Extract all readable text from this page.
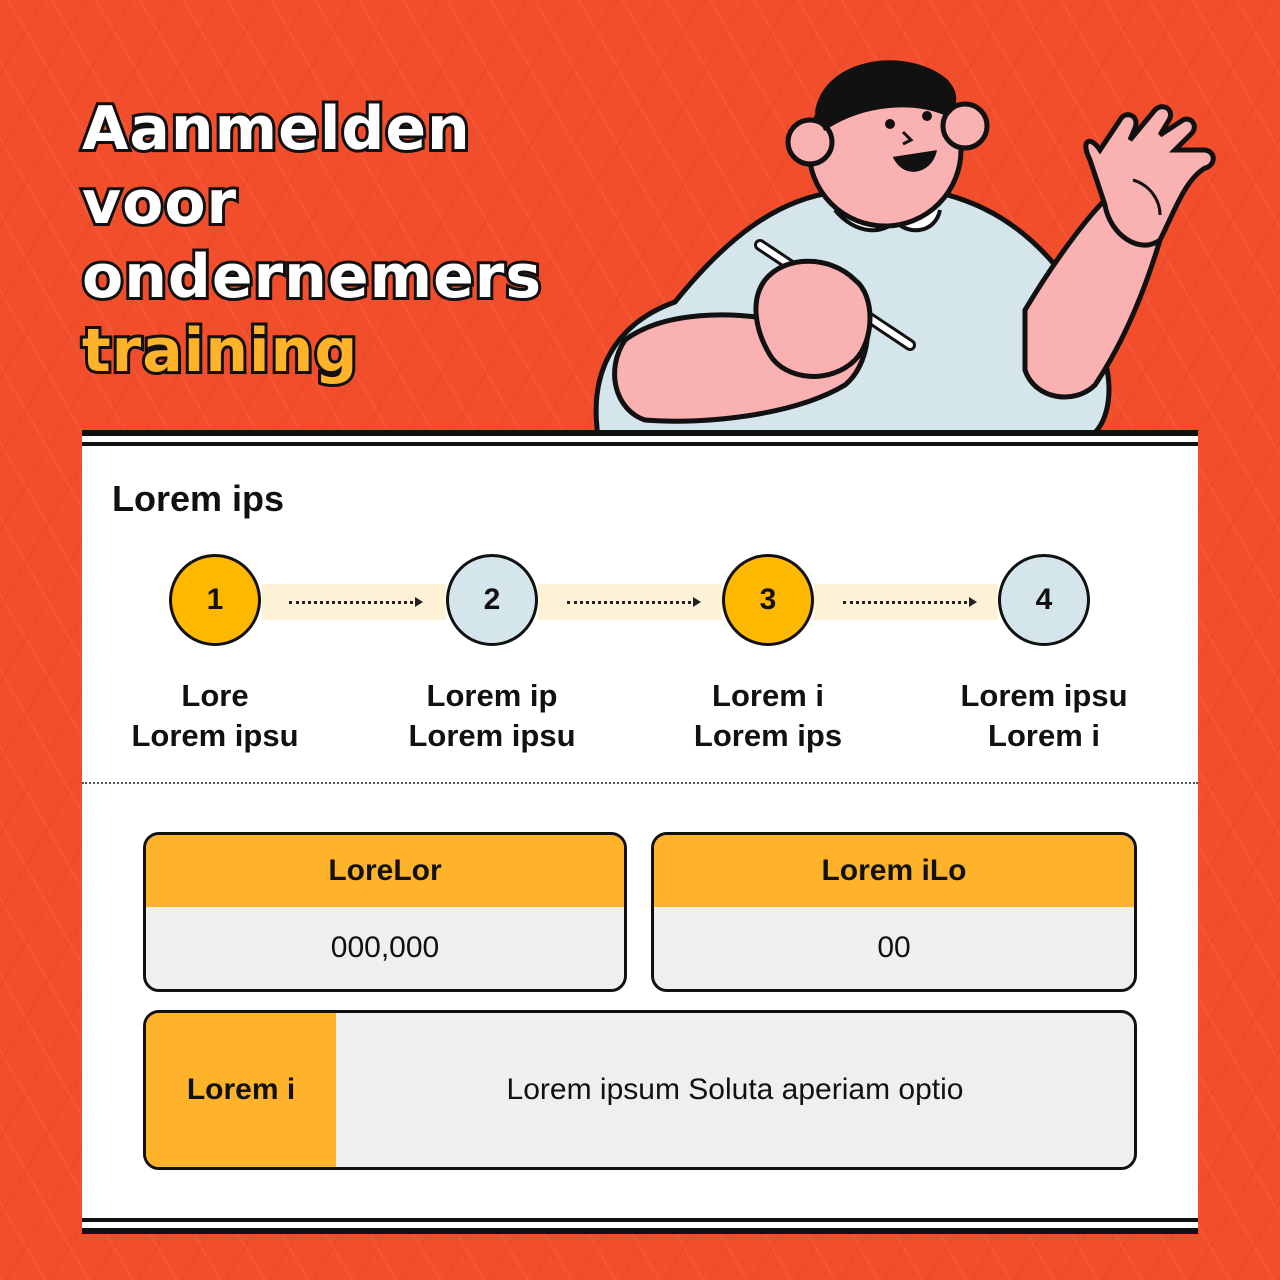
Aanmelden
voor
ondernemers
training
Lorem ips
1	2	3	4
Lore
Lorem ipsu
Lorem ip
Lorem ipsu
Lorem i
Lorem ips
Lorem ipsu
Lorem i
LoreLor
000,000
Lorem iLo
00
Lorem i	Lorem ipsum Soluta aperiam optio
